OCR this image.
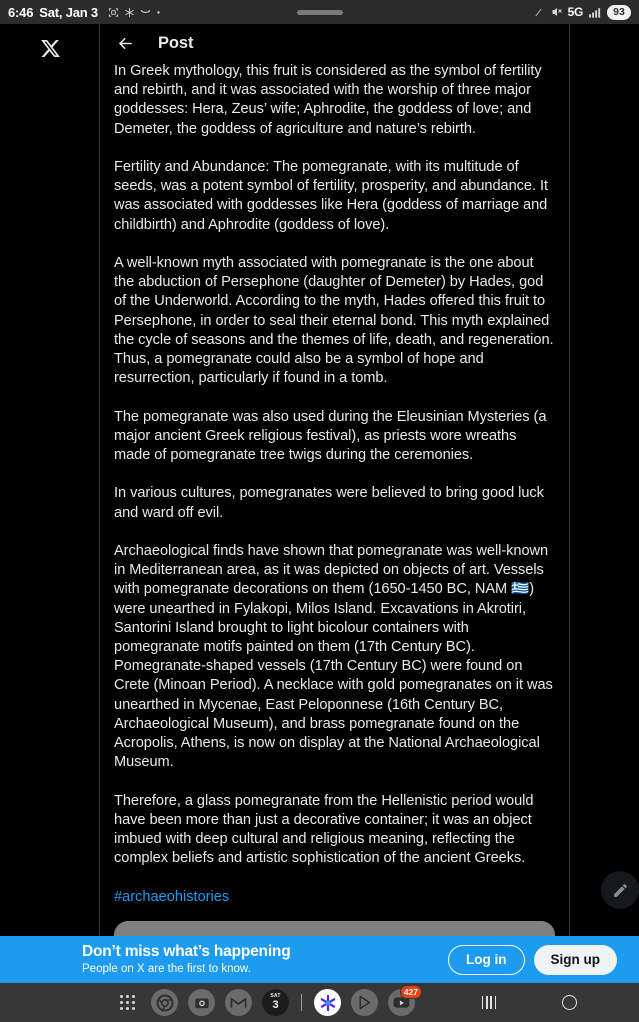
6:46 Sat, Jan 3	5G	93
Post

In Greek mythology, this fruit is considered as the symbol of fertility and rebirth, and it was associated with the worship of three major goddesses: Hera, Zeus’ wife; Aphrodite, the goddess of love; and Demeter, the goddess of agriculture and nature’s rebirth.

Fertility and Abundance: The pomegranate, with its multitude of seeds, was a potent symbol of fertility, prosperity, and abundance. It was associated with goddesses like Hera (goddess of marriage and childbirth) and Aphrodite (goddess of love).

A well-known myth associated with pomegranate is the one about the abduction of Persephone (daughter of Demeter) by Hades, god of the Underworld. According to the myth, Hades offered this fruit to Persephone, in order to seal their eternal bond. This myth explained the cycle of seasons and the themes of life, death, and regeneration. Thus, a pomegranate could also be a symbol of hope and resurrection, particularly if found in a tomb.

The pomegranate was also used during the Eleusinian Mysteries (a major ancient Greek religious festival), as priests wore wreaths made of pomegranate tree twigs during the ceremonies.

In various cultures, pomegranates were believed to bring good luck and ward off evil.

Archaeological finds have shown that pomegranate was well-known in Mediterranean area, as it was depicted on objects of art. Vessels with pomegranate decorations on them (1650-1450 BC, NAM 🇬🇷) were unearthed in Fylakopi, Milos Island. Excavations in Akrotiri, Santorini Island brought to light bicolour containers with pomegranate motifs painted on them (17th Century BC). Pomegranate-shaped vessels (17th Century BC) were found on Crete (Minoan Period). A necklace with gold pomegranates on it was unearthed in Mycenae, East Peloponnese (16th Century BC, Archaeological Museum), and brass pomegranate found on the Acropolis, Athens, is now on display at the National Archaeological Museum.

Therefore, a glass pomegranate from the Hellenistic period would have been more than just a decorative container; it was an object imbued with deep cultural and religious meaning, reflecting the complex beliefs and artistic sophistication of the ancient Greeks.

#archaeohistories
Don’t miss what’s happening
People on X are the first to know.
Log in	Sign up
SAT
3
427
